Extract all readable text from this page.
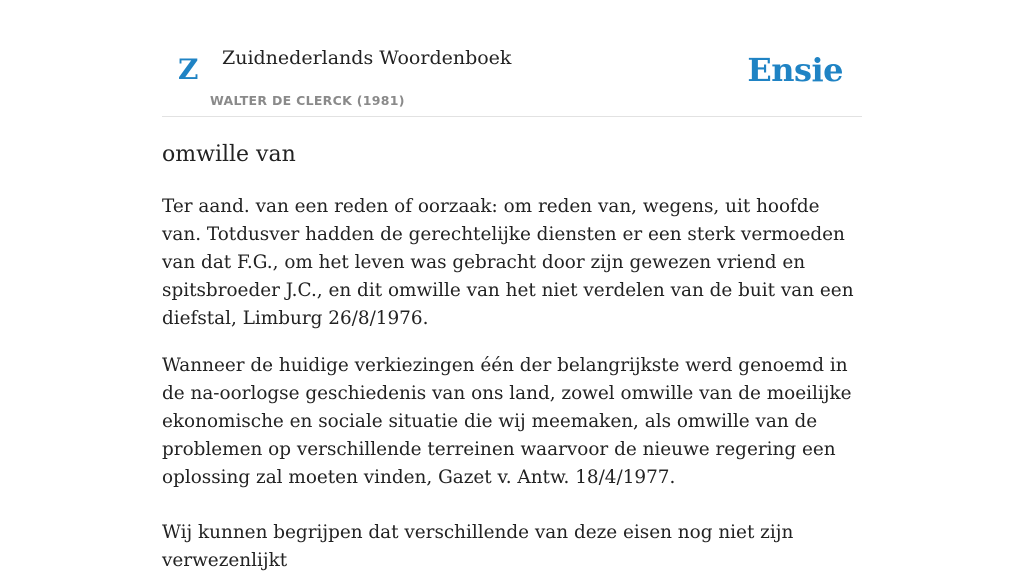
Z Zuidnederlands Woordenboek
WALTER DE CLERCK (1981)
Ensie
omwille van

Ter aand. van een reden of oorzaak: om reden van, wegens, uit hoofde van. Totdusver hadden de gerechtelijke diensten er een sterk vermoeden van dat F.G., om het leven was gebracht door zijn gewezen vriend en spitsbroeder J.C., en dit omwille van het niet verdelen van de buit van een diefstal, Limburg 26/8/1976.

Wanneer de huidige verkiezingen één der belangrijkste werd genoemd in de na-oorlogse geschiedenis van ons land, zowel omwille van de moeilijke ekonomische en sociale situatie die wij meemaken, als omwille van de problemen op verschillende terreinen waarvoor de nieuwe regering een oplossing zal moeten vinden, Gazet v. Antw. 18/4/1977.

Wij kunnen begrijpen dat verschillende van deze eisen nog niet zijn verwezenlijkt
